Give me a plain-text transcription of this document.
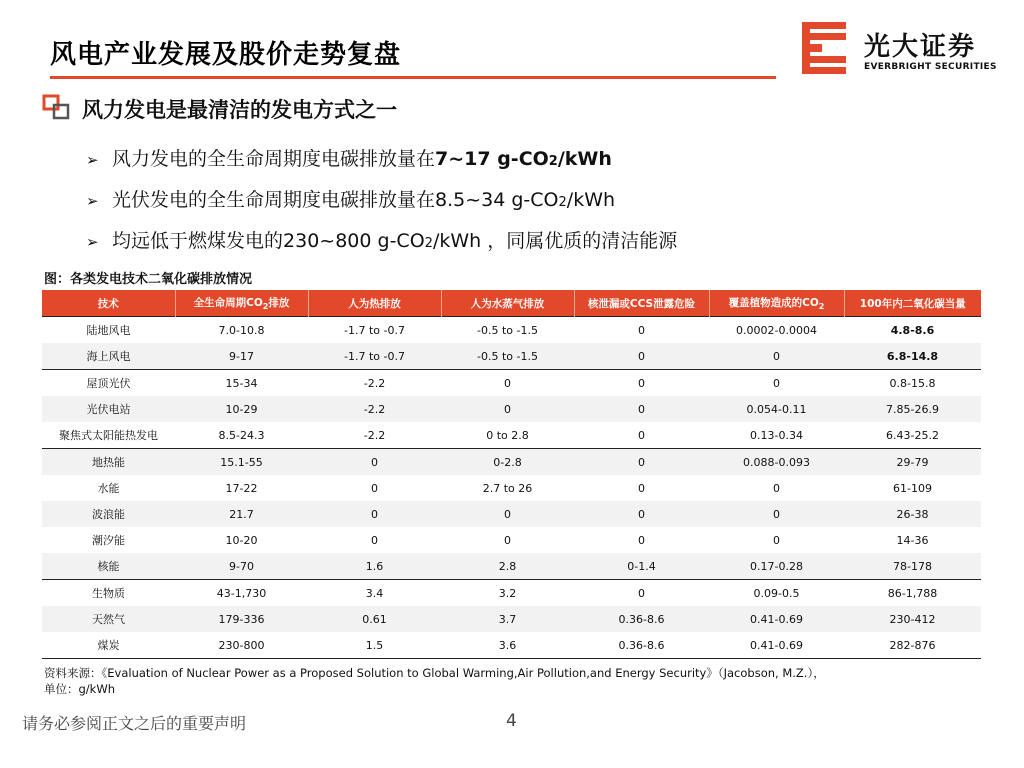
风电产业发展及股价走势复盘	光大证券
EVERBRIGHT SECURITIES
风力发电是最清洁的发电方式之一
➢ 风力发电的全生命周期度电碳排放量在 7~17 g-CO 2 /kWh
➢ 光伏发电的全生命周期度电碳排放量在 8.5~34 g-CO 2 /kWh
➢ 均远低于燃煤发电的 230~800 g-CO 2 /kWh ，同属优质的清洁能源
图：各类发电技术二氧化碳排放情况
技术	全生命周期$CO_2$排放	人为热排放	人为水蒸气排放	核泄漏或CCS泄露危险	覆盖植物造成的$CO_2$	100年内二氧化碳当量
陆地风电	7.0-10.8	-1.7 to -0.7	-0.5 to -1.5	0	0.0002-0.0004	4.8-8.6
海上风电	9-17	-1.7 to -0.7	-0.5 to -1.5	0	0	6.8-14.8
屋顶光伏	15-34	-2.2	0	0	0	0.8-15.8
光伏电站	10-29	-2.2	0	0	0.054-0.11	7.85-26.9
聚焦式太阳能热发电	8.5-24.3	-2.2	0 to 2.8	0	0.13-0.34	6.43-25.2
地热能	15.1-55	0	0-2.8	0	0.088-0.093	29-79
水能	17-22	0	2.7 to 26	0	0	61-109
波浪能	21.7	0	0	0	0	26-38
潮汐能	10-20	0	0	0	0	14-36
核能	9-70	1.6	2.8	0-1.4	0.17-0.28	78-178
生物质	43-1,730	3.4	3.2	0	0.09-0.5	86-1,788
天然气	179-336	0.61	3.7	0.36-8.6	0.41-0.69	230-412
煤炭	230-800	1.5	3.6	0.36-8.6	0.41-0.69	282-876
资料来源：《Evaluation of Nuclear Power as a Proposed Solution to Global Warming,Air Pollution,and Energy Security》（Jacobson, M.Z.），
单位：g/kWh
请务必参阅正文之后的重要声明	4
